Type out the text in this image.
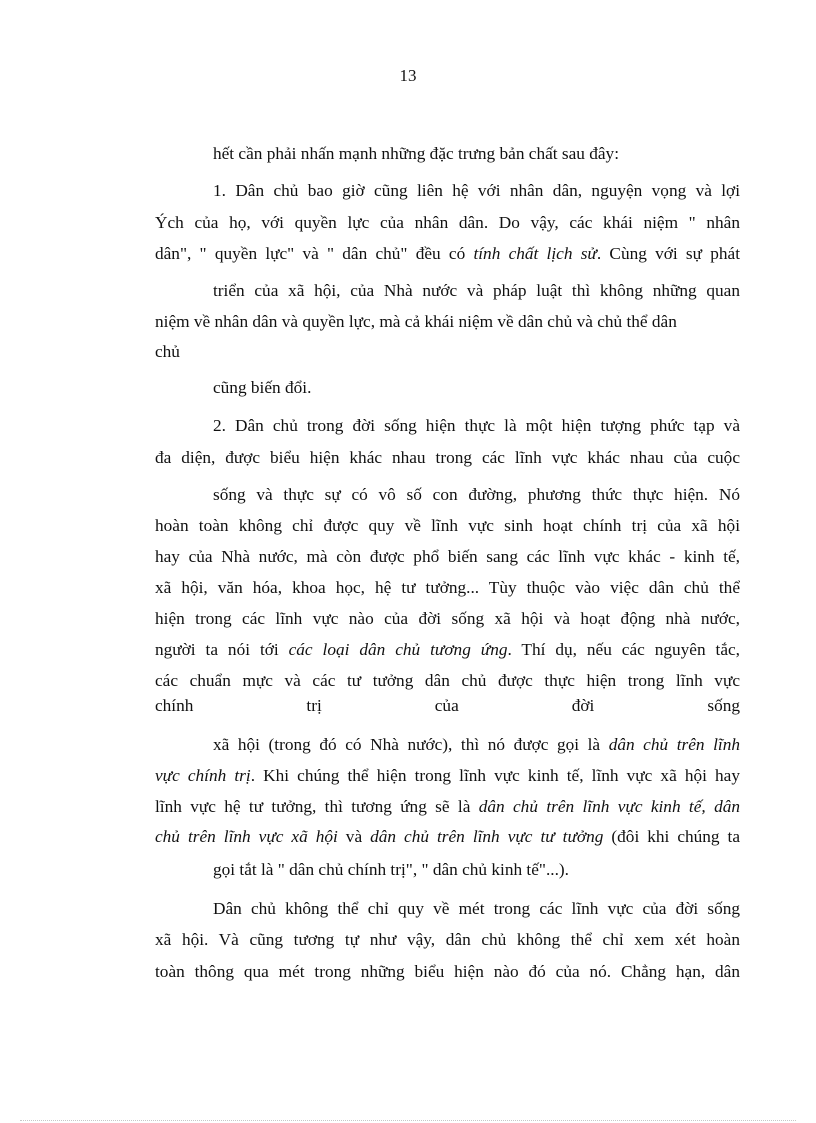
13
hết cần phải nhấn mạnh những đặc trưng bản chất sau đây:
1. Dân chủ bao giờ cũng liên hệ với nhân dân, nguyện vọng và lợi
Ých của họ, với quyền lực của nhân dân. Do vậy, các khái niệm " nhân
dân", " quyền lực" và " dân chủ" đều có tính chất lịch sử. Cùng với sự phát
triển của xã hội, của Nhà nước và pháp luật thì không những quan
niệm về nhân dân và quyền lực, mà cả khái niệm về dân chủ và chủ thể dân
chủ
cũng biến đổi.
2. Dân chủ trong đời sống hiện thực là một hiện tượng phức tạp và
đa diện, được biểu hiện khác nhau trong các lĩnh vực khác nhau của cuộc
sống và thực sự có vô số con đường, phương thức thực hiện. Nó
hoàn toàn không chỉ được quy về lĩnh vực sinh hoạt chính trị của xã hội
hay của Nhà nước, mà còn được phổ biến sang các lĩnh vực khác - kinh tế,
xã hội, văn hóa, khoa học, hệ tư tưởng... Tùy thuộc vào việc dân chủ thể
hiện trong các lĩnh vực nào của đời sống xã hội và hoạt động nhà nước,
người ta nói tới các loại dân chủ tương ứng. Thí dụ, nếu các nguyên tắc,
các chuẩn mực và các tư tưởng dân chủ được thực hiện trong lĩnh vực
chính trị của đời sống
xã hội (trong đó có Nhà nước), thì nó được gọi là dân chủ trên lĩnh
vực chính trị. Khi chúng thể hiện trong lĩnh vực kinh tế, lĩnh vực xã hội hay
lĩnh vực hệ tư tưởng, thì tương ứng sẽ là dân chủ trên lĩnh vực kinh tế, dân
chủ trên lĩnh vực xã hội và dân chủ trên lĩnh vực tư tưởng (đôi khi chúng ta
gọi tắt là " dân chủ chính trị", " dân chủ kinh tế"...).
Dân chủ không thể chỉ quy về mét trong các lĩnh vực của đời sống
xã hội. Và cũng tương tự như vậy, dân chủ không thể chỉ xem xét hoàn
toàn thông qua mét trong những biểu hiện nào đó của nó. Chẳng hạn, dân
